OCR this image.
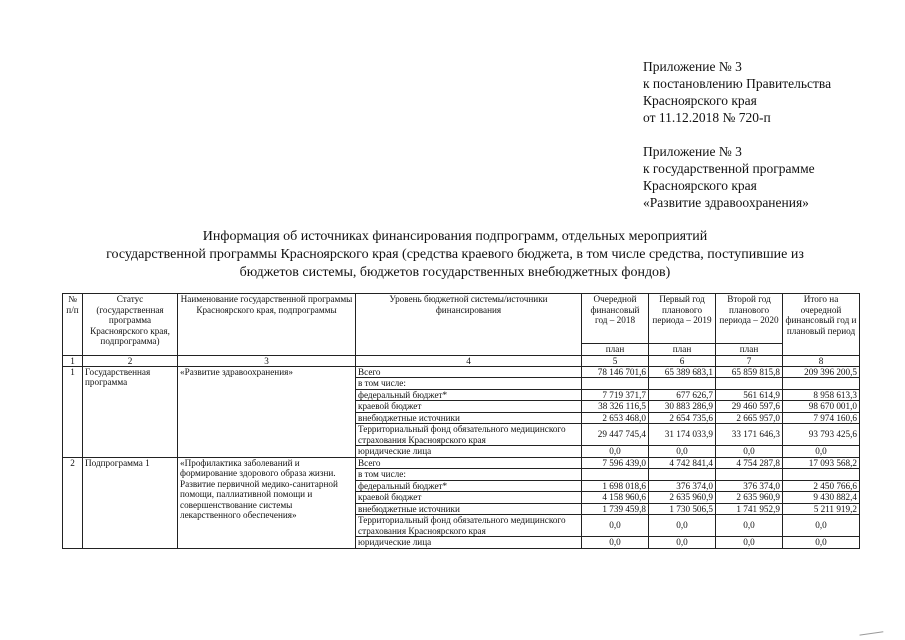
Приложение № 3
к постановлению Правительства
Красноярского края
от 11.12.2018 № 720-п
Приложение № 3
к государственной программе
Красноярского края
«Развитие здравоохранения»
Информация об источниках финансирования подпрограмм, отдельных мероприятий
государственной программы Красноярского края (средства краевого бюджета, в том числе средства, поступившие из
бюджетов системы, бюджетов государственных внебюджетных фондов)
№ п/п	Статус (государственная программа Красноярского края, подпрограмма)	Наименование государственной программы Красноярского края, подпрограммы	Уровень бюджетной системы/источники финансирования	Очередной финансовый год – 2018	Первый год планового периода – 2019	Второй год планового периода – 2020	Итого на очередной финансовый год и плановый период
				план	план	план	
1	2	3	4	5	6	7	8
1	Государственная программа	«Развитие здравоохранения»	Всего	78 146 701,6	65 389 683,1	65 859 815,8	209 396 200,5
			в том числе:				
			федеральный бюджет*	7 719 371,7	677 626,7	561 614,9	8 958 613,3
			краевой бюджет	38 326 116,5	30 883 286,9	29 460 597,6	98 670 001,0
			внебюджетные источники	2 653 468,0	2 654 735,6	2 665 957,0	7 974 160,6
			Территориальный фонд обязательного медицинского страхования Красноярского края	29 447 745,4	31 174 033,9	33 171 646,3	93 793 425,6
			юридические лица	0,0	0,0	0,0	0,0
2	Подпрограмма 1	«Профилактика заболеваний и формирование здорового образа жизни. Развитие первичной медико-санитарной помощи, паллиативной помощи и совершенствование системы лекарственного обеспечения»	Всего	7 596 439,0	4 742 841,4	4 754 287,8	17 093 568,2
			в том числе:				
			федеральный бюджет*	1 698 018,6	376 374,0	376 374,0	2 450 766,6
			краевой бюджет	4 158 960,6	2 635 960,9	2 635 960,9	9 430 882,4
			внебюджетные источники	1 739 459,8	1 730 506,5	1 741 952,9	5 211 919,2
			Территориальный фонд обязательного медицинского страхования Красноярского края	0,0	0,0	0,0	0,0
			юридические лица	0,0	0,0	0,0	0,0
